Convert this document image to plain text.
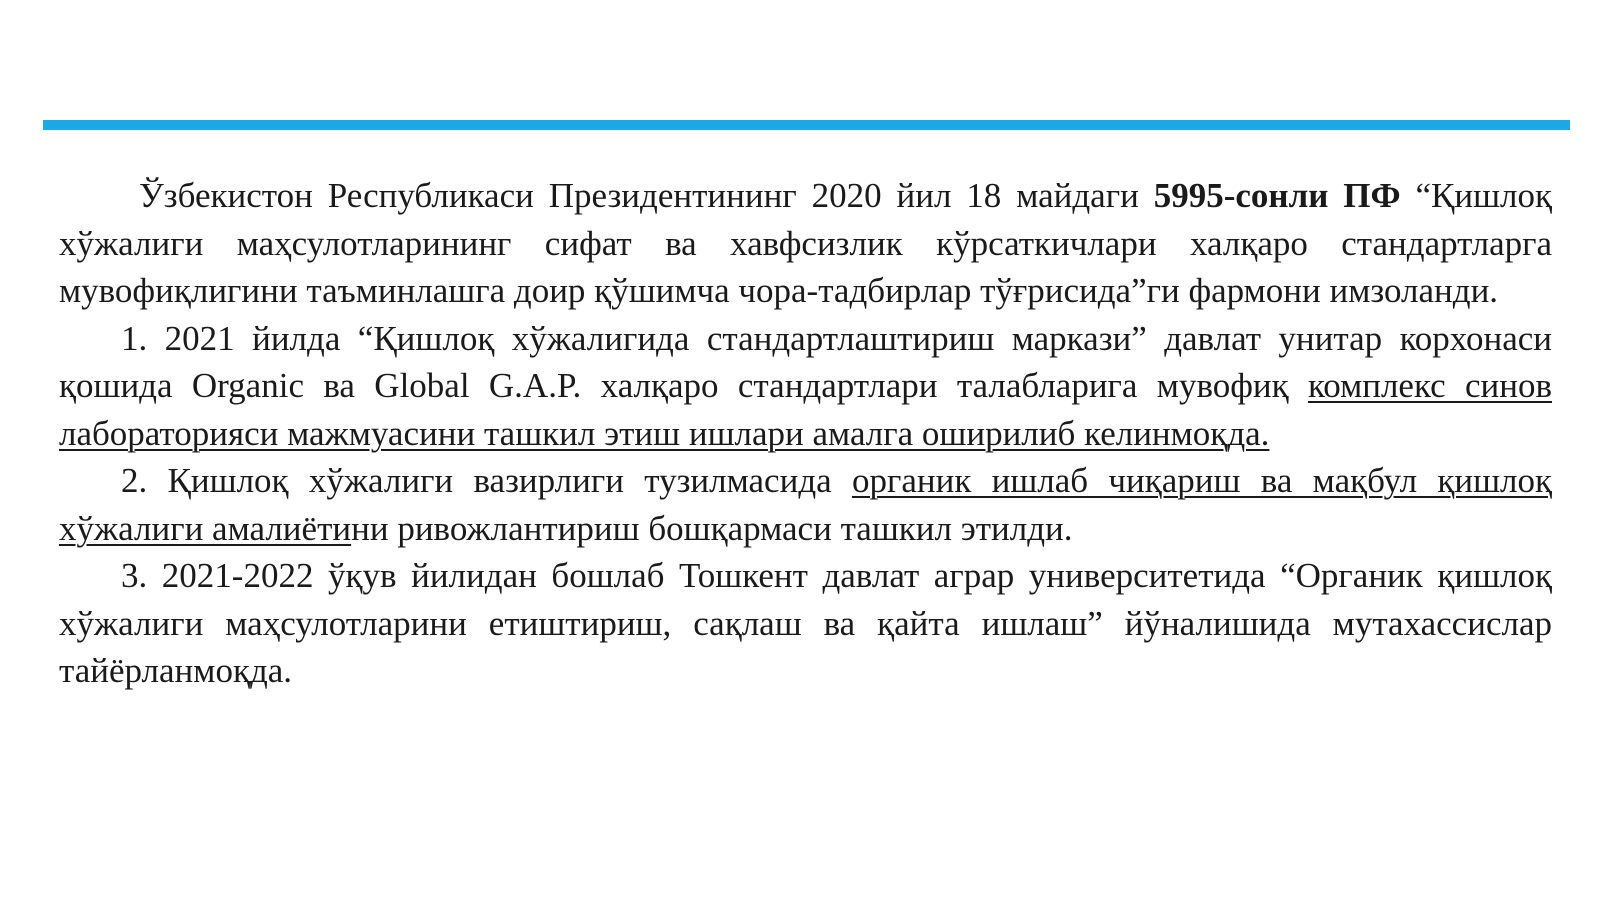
Ўзбекистон Республикаси Президентининг 2020 йил 18 майдаги 5995-сонли ПФ “Қишлоқ хўжалиги маҳсулотларининг сифат ва хавфсизлик кўрсаткичлари халқаро стандартларга мувофиқлигини таъминлашга доир қўшимча чора-тадбирлар тўғрисида”ги фармони имзоланди.

1. 2021 йилда “Қишлоқ хўжалигида стандартлаштириш маркази” давлат унитар корхонаси қошида Organic ва Global G.A.P. халқаро стандартлари талабларига мувофиқ комплекс синов лабораторияси мажмуасини ташкил этиш ишлари амалга оширилиб келинмоқда.

2. Қишлоқ хўжалиги вазирлиги тузилмасида органик ишлаб чиқариш ва мақбул қишлоқ хўжалиги амалиётини ривожлантириш бошқармаси ташкил этилди.

3. 2021-2022 ўқув йилидан бошлаб Тошкент давлат аграр университетида “Органик қишлоқ хўжалиги маҳсулотларини етиштириш, сақлаш ва қайта ишлаш” йўналишида мутахассислар тайёрланмоқда.
